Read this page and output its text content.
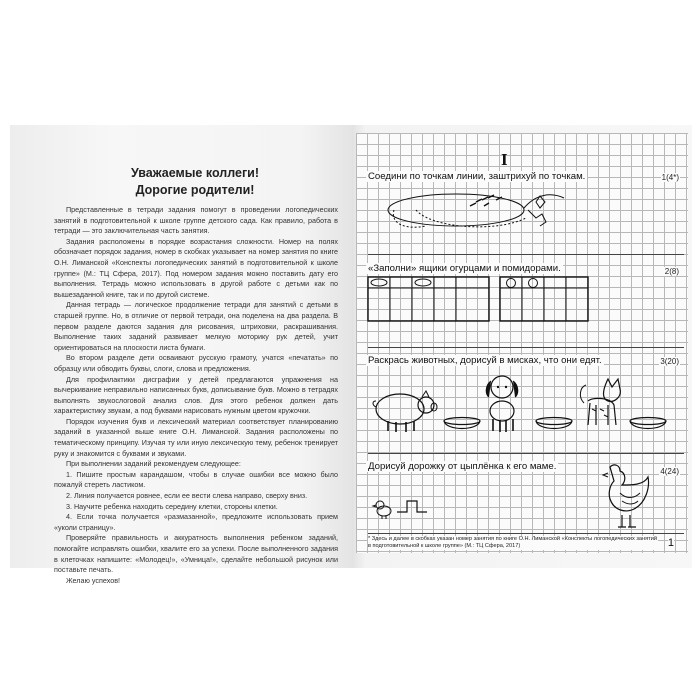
Уважаемые коллеги!
Дорогие родители!

Представленные в тетради задания помогут в проведении логопедических занятий в подготовительной к школе группе детского сада. Как правило, работа в тетради — это заключительная часть занятия.

Задания расположены в порядке возрастания сложности. Номер на полях обозначает порядок задания, номер в скобках указывает на номер занятия по книге О.Н. Лиманской «Конспекты логопедических занятий в подготовительной к школе группе» (М.: ТЦ Сфера, 2017). Под номером задания можно поставить дату его выполнения. Тетрадь можно использовать в другой работе с детьми как по вышезаданной книге, так и по другой системе.

Данная тетрадь — логическое продолжение тетради для занятий с детьми в старшей группе. Но, в отличие от первой тетради, она поделена на два раздела. В первом разделе даются задания для рисования, штриховки, раскрашивания. Выполнение таких заданий развивает мелкую моторику рук детей, учит ориентироваться на плоскости листа бумаги.

Во втором разделе дети осваивают русскую грамоту, учатся «печатать» по образцу или обводить буквы, слоги, слова и предложения.

Для профилактики дисграфии у детей предлагаются упражнения на вычеркивание неправильно написанных букв, дописывание букв. Можно в тетрадях выполнять звукослоговой анализ слов. Для этого ребенок должен дать характеристику звукам, а под буквами нарисовать нужным цветом кружочки.

Порядок изучения букв и лексический материал соответствует планированию заданий в указанной выше книге О.Н. Лиманской. Задания расположены по тематическому принципу. Изучая ту или иную лексическую тему, ребенок тренирует руку и знакомится с буквами и звуками.

При выполнении заданий рекомендуем следующее:

1. Пишите простым карандашом, чтобы в случае ошибки все можно было пожалуй стереть ластиком.

2. Линия получается ровнее, если ее вести слева направо, сверху вниз.

3. Научите ребенка находить середину клетки, стороны клетки.

4. Если точка получается «размазанной», предложите использовать прием «уколи страницу».

Проверяйте правильность и аккуратность выполнения ребенком заданий, помогайте исправлять ошибки, хвалите его за успехи. После выполненного задания в клеточках напишите: «Молодец!», «Умница!», сделайте небольшой рисунок или поставьте печать.

Желаю успехов!

I
Соедини по точкам линии, заштрихуй по точкам.	1(4*)
«Заполни» ящики огурцами и помидорами.	2(8)
Раскрась животных, дорисуй в мисках, что они едят.	3(20)
Дорисуй дорожку от цыплёнка к его маме.	4(24)
* Здесь и далее в скобках указан номер занятия по книге О.Н. Лиманской «Конспекты логопедических занятий в подготовительной к школе группе» (М.: ТЦ Сфера, 2017)	1
